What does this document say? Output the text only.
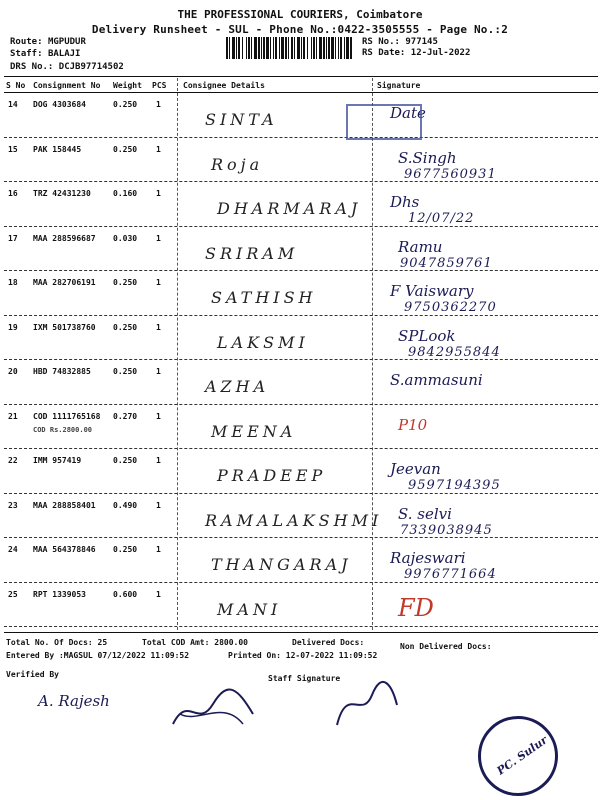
THE PROFESSIONAL COURIERS, Coimbatore
Delivery Runsheet - SUL - Phone No.:0422-3505555 - Page No.:2
Route: MGPUDUR
Staff: BALAJI
DRS No.: DCJB97714502
RS No.: 977145
RS Date: 12-Jul-2022
S No Consignment No Weight PCS Consignee Details	Signature
14 DOG 4303684	0.250 1
SINTA	Date
15 PAK 158445	0.250 1
Roja	S.Singh
9677560931
16 TRZ 42431230	0.160 1
DHARMARAJ Dhs
12/07/22
17 MAA 288596687 0.030 1
SRIRAM	Ramu
9047859761
18 MAA 282706191 0.250 1
SATHISH	F Vaiswary
9750362270
19 IXM 501738760 0.250 1
LAKSMI	SPLook
9842955844
20 HBD 74832885	0.250 1
AZHA	S.ammasuni
21 COD 1111765168 0.270 1
MEENA	P10
COD Rs.2800.00
22 IMM 957419	0.250 1
PRADEEP	Jeevan
9597194395
23 MAA 288858401 0.490 1
RAMALAKSHMI S. selvi
7339038945
24 MAA 564378846 0.250 1
THANGARAJ	Rajeswari
9976771664
25 RPT 1339053	0.600 1
MANI	FD
Total No. Of Docs: 25	Total COD Amt: 2800.00	Delivered Docs:	Non Delivered Docs:
Entered By :MAGSUL 07/12/2022 11:09:52	Printed On: 12-07-2022 11:09:52
Verified By	Staff Signature
A. Rajesh
PC. Sulur
